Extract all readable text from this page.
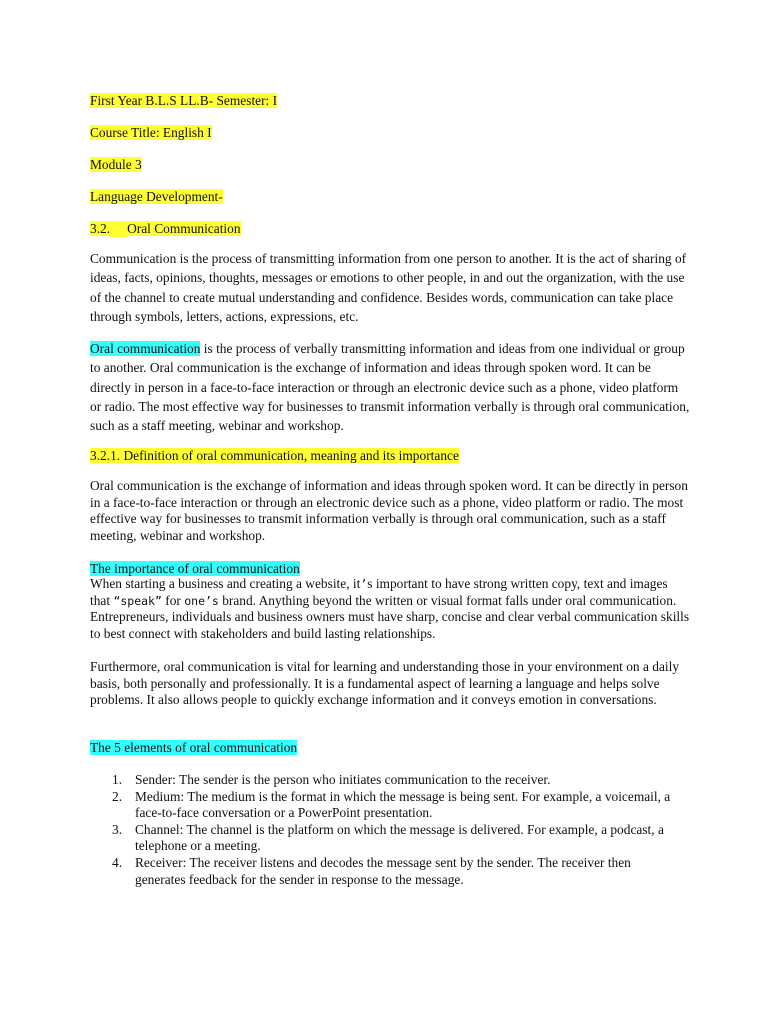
First Year B.L.S LL.B- Semester: I

Course Title: English I

Module 3

Language Development-

3.2. Oral Communication

Communication is the process of transmitting information from one person to another. It is the act of sharing of ideas, facts, opinions, thoughts, messages or emotions to other people, in and out the organization, with the use of the channel to create mutual understanding and confidence. Besides words, communication can take place through symbols, letters, actions, expressions, etc.

Oral communication is the process of verbally transmitting information and ideas from one individual or group to another. Oral communication is the exchange of information and ideas through spoken word. It can be directly in person in a face-to-face interaction or through an electronic device such as a phone, video platform or radio. The most effective way for businesses to transmit information verbally is through oral communication, such as a staff meeting, webinar and workshop.

3.2.1. Definition of oral communication, meaning and its importance

Oral communication is the exchange of information and ideas through spoken word. It can be directly in person in a face-to-face interaction or through an electronic device such as a phone, video platform or radio. The most effective way for businesses to transmit information verbally is through oral communication, such as a staff meeting, webinar and workshop.

The importance of oral communication

When starting a business and creating a website, it’s important to have strong written copy, text and images that “speak” for one’s brand. Anything beyond the written or visual format falls under oral communication. Entrepreneurs, individuals and business owners must have sharp, concise and clear verbal communication skills to best connect with stakeholders and build lasting relationships.

Furthermore, oral communication is vital for learning and understanding those in your environment on a daily basis, both personally and professionally. It is a fundamental aspect of learning a language and helps solve problems. It also allows people to quickly exchange information and it conveys emotion in conversations.

The 5 elements of oral communication

1. Sender: The sender is the person who initiates communication to the receiver.
2. Medium: The medium is the format in which the message is being sent. For example, a voicemail, a face-to-face conversation or a PowerPoint presentation.
3. Channel: The channel is the platform on which the message is delivered. For example, a podcast, a telephone or a meeting.
4. Receiver: The receiver listens and decodes the message sent by the sender. The receiver then generates feedback for the sender in response to the message.
